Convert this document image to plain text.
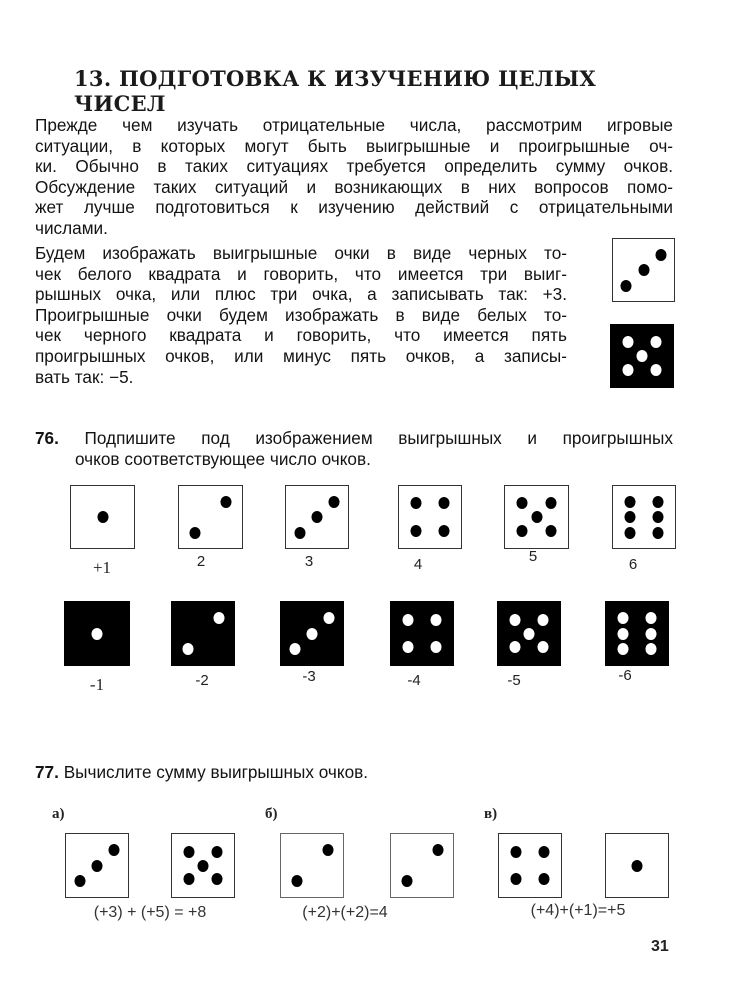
13. ПОДГОТОВКА К ИЗУЧЕНИЮ ЦЕЛЫХ ЧИСЕЛ
Прежде чем изучать отрицательные числа, рассмотрим игровые
ситуации, в которых могут быть выигрышные и проигрышные оч-
ки. Обычно в таких ситуациях требуется определить сумму очков.
Обсуждение таких ситуаций и возникающих в них вопросов помо-
жет лучше подготовиться к изучению действий с отрицательными
числами.
Будем изображать выигрышные очки в виде черных то-
чек белого квадрата и говорить, что имеется три выиг-
рышных очка, или плюс три очка, а записывать так: +3.
Проигрышные очки будем изображать в виде белых то-
чек черного квадрата и говорить, что имеется пять
проигрышных очков, или минус пять очков, а записы-
вать так: −5.
76. Подпишите под изображением выигрышных и проигрышных
очков соответствующее число очков.
+1	2	3	4	5	6
-1	-2	-3	-4	-5	-6
77. Вычислите сумму выигрышных очков.
а)
(+3) + (+5) = +8
б)
(+2)+(+2)=4
в)
(+4)+(+1)=+5
31
